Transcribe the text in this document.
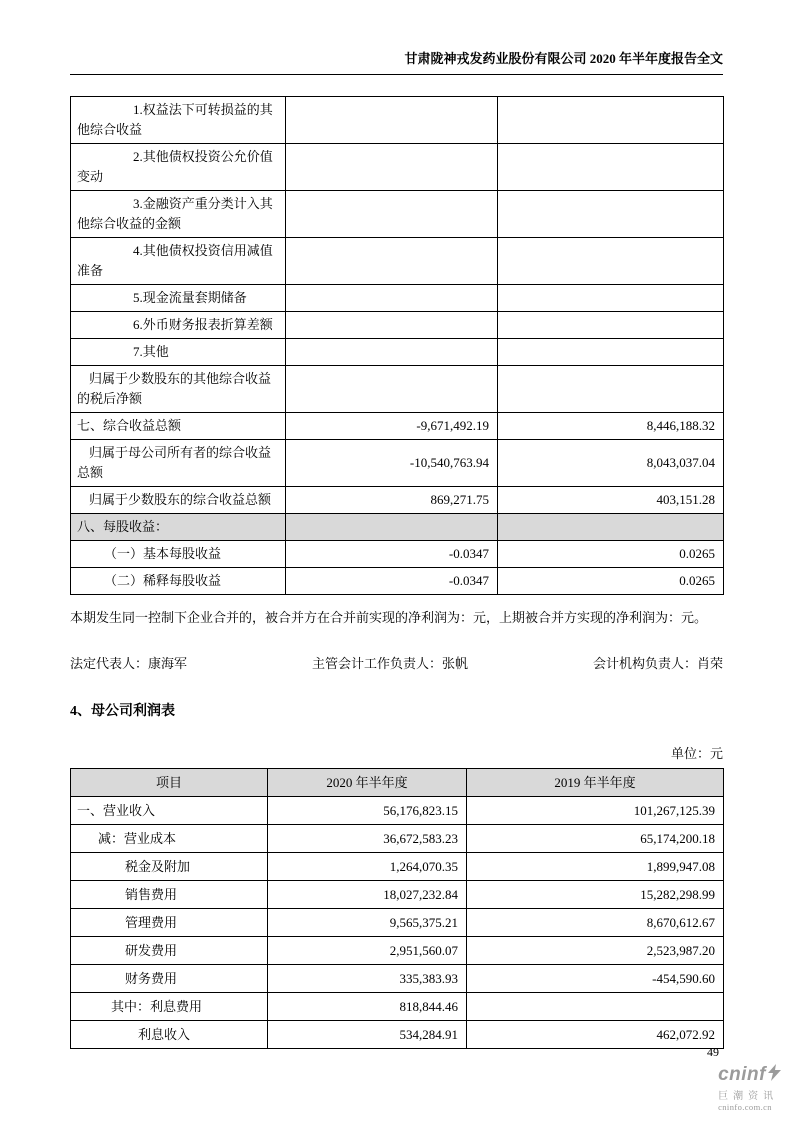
甘肃陇神戎发药业股份有限公司 2020 年半年度报告全文
1.权益法下可转损益的其他综合收益		
2.其他债权投资公允价值变动		
3.金融资产重分类计入其他综合收益的金额		
4.其他债权投资信用减值准备		
5.现金流量套期储备		
6.外币财务报表折算差额		
7.其他		
归属于少数股东的其他综合收益的税后净额		
七、综合收益总额	-9,671,492.19	8,446,188.32
归属于母公司所有者的综合收益总额	-10,540,763.94	8,043,037.04
归属于少数股东的综合收益总额	869,271.75	403,151.28
八、每股收益：		
（一）基本每股收益	-0.0347	0.0265
（二）稀释每股收益	-0.0347	0.0265

本期发生同一控制下企业合并的，被合并方在合并前实现的净利润为：元，上期被合并方实现的净利润为：元。

法定代表人：康海军	主管会计工作负责人：张帆	会计机构负责人：肖荣
4、母公司利润表
单位：元
项目	2020 年半年度	2019 年半年度
一、营业收入	56,176,823.15	101,267,125.39
减：营业成本	36,672,583.23	65,174,200.18
税金及附加	1,264,070.35	1,899,947.08
销售费用	18,027,232.84	15,282,298.99
管理费用	9,565,375.21	8,670,612.67
研发费用	2,951,560.07	2,523,987.20
财务费用	335,383.93	-454,590.60
其中：利息费用	818,844.46	
利息收入	534,284.91	462,072.92
49
cninf
巨潮资讯
cninfo.com.cn
